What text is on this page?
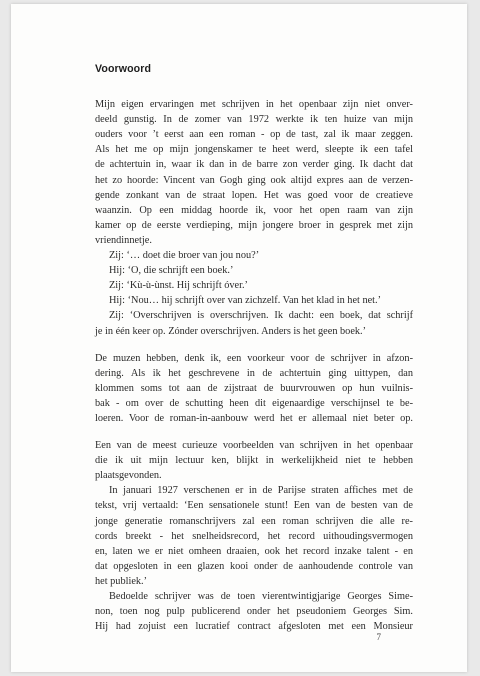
Voorwoord
Mijn eigen ervaringen met schrijven in het openbaar zijn niet onver-
deeld gunstig. In de zomer van 1972 werkte ik ten huize van mijn
ouders voor ’t eerst aan een roman - op de tast, zal ik maar zeggen.
Als het me op mijn jongenskamer te heet werd, sleepte ik een tafel
de achtertuin in, waar ik dan in de barre zon verder ging. Ik dacht dat
het zo hoorde: Vincent van Gogh ging ook altijd expres aan de verzen-
gende zonkant van de straat lopen. Het was goed voor de creatieve
waanzin. Op een middag hoorde ik, voor het open raam van zijn
kamer op de eerste verdieping, mijn jongere broer in gesprek met zijn
vriendinnetje.
Zij: ‘… doet die broer van jou nou?’
Hij: ‘O, die schrijft een boek.’
Zij: ‘Kù-ù-ùnst. Hij schrijft óver.’
Hij: ‘Nou… hij schrijft over van zichzelf. Van het klad in het net.’
Zij: ‘Overschrijven is overschrijven. Ik dacht: een boek, dat schrijf
je in één keer op. Zónder overschrijven. Anders is het geen boek.’
De muzen hebben, denk ik, een voorkeur voor de schrijver in afzon-
dering. Als ik het geschrevene in de achtertuin ging uittypen, dan
klommen soms tot aan de zijstraat de buurvrouwen op hun vuilnis-
bak - om over de schutting heen dit eigenaardige verschijnsel te be-
loeren. Voor de roman-in-aanbouw werd het er allemaal niet beter op.
Een van de meest curieuze voorbeelden van schrijven in het openbaar
die ik uit mijn lectuur ken, blijkt in werkelijkheid niet te hebben
plaatsgevonden.
In januari 1927 verschenen er in de Parijse straten affiches met de
tekst, vrij vertaald: ‘Een sensationele stunt! Een van de besten van de
jonge generatie romanschrijvers zal een roman schrijven die alle re-
cords breekt - het snelheidsrecord, het record uithoudingsvermogen
en, laten we er niet omheen draaien, ook het record inzake talent - en
dat opgesloten in een glazen kooi onder de aanhoudende controle van
het publiek.’
Bedoelde schrijver was de toen vierentwintigjarige Georges Sime-
non, toen nog pulp publicerend onder het pseudoniem Georges Sim.
Hij had zojuist een lucratief contract afgesloten met een Monsieur
7
